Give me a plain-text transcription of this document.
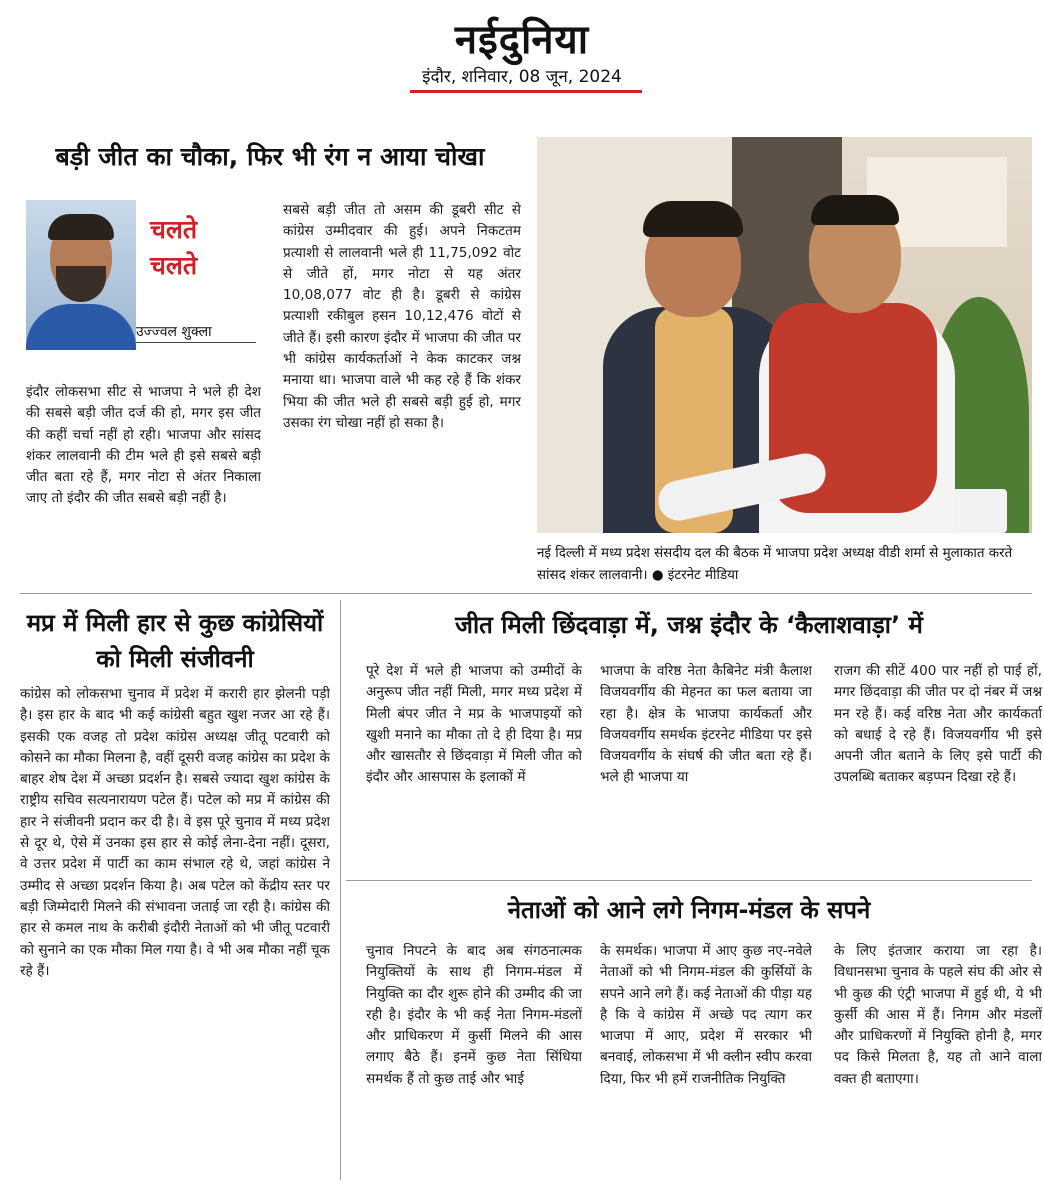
नईदुनिया
इंदौर, शनिवार, 08 जून, 2024
बड़ी जीत का चौका, फिर भी रंग न आया चोखा
चलते चलते
उज्ज्वल शुक्ला

इंदौर लोकसभा सीट से भाजपा ने भले ही देश की सबसे बड़ी जीत दर्ज की हो, मगर इस जीत की कहीं चर्चा नहीं हो रही। भाजपा और सांसद शंकर लालवानी की टीम भले ही इसे सबसे बड़ी जीत बता रहे हैं, मगर नोटा से अंतर निकाला जाए तो इंदौर की जीत सबसे बड़ी नहीं है।

सबसे बड़ी जीत तो असम की डूबरी सीट से कांग्रेस उम्मीदवार की हुई। अपने निकटतम प्रत्याशी से लालवानी भले ही 11,75,092 वोट से जीते हों, मगर नोटा से यह अंतर 10,08,077 वोट ही है। डूबरी से कांग्रेस प्रत्याशी रकीबुल हसन 10,12,476 वोटों से जीते हैं। इसी कारण इंदौर में भाजपा की जीत पर भी कांग्रेस कार्यकर्ताओं ने केक काटकर जश्न मनाया था। भाजपा वाले भी कह रहे हैं कि शंकर भिया की जीत भले ही सबसे बड़ी हुई हो, मगर उसका रंग चोखा नहीं हो सका है।

नई दिल्ली में मध्य प्रदेश संसदीय दल की बैठक में भाजपा प्रदेश अध्यक्ष वीडी शर्मा से मुलाकात करते सांसद शंकर लालवानी। ● इंटरनेट मीडिया
मप्र में मिली हार से कुछ कांग्रेसियों को मिली संजीवनी

कांग्रेस को लोकसभा चुनाव में प्रदेश में करारी हार झेलनी पड़ी है। इस हार के बाद भी कई कांग्रेसी बहुत खुश नजर आ रहे हैं। इसकी एक वजह तो प्रदेश कांग्रेस अध्यक्ष जीतू पटवारी को कोसने का मौका मिलना है, वहीं दूसरी वजह कांग्रेस का प्रदेश के बाहर शेष देश में अच्छा प्रदर्शन है। सबसे ज्यादा खुश कांग्रेस के राष्ट्रीय सचिव सत्यनारायण पटेल हैं। पटेल को मप्र में कांग्रेस की हार ने संजीवनी प्रदान कर दी है। वे इस पूरे चुनाव में मध्य प्रदेश से दूर थे, ऐसे में उनका इस हार से कोई लेना-देना नहीं। दूसरा, वे उत्तर प्रदेश में पार्टी का काम संभाल रहे थे, जहां कांग्रेस ने उम्मीद से अच्छा प्रदर्शन किया है। अब पटेल को केंद्रीय स्तर पर बड़ी जिम्मेदारी मिलने की संभावना जताई जा रही है। कांग्रेस की हार से कमल नाथ के करीबी इंदौरी नेताओं को भी जीतू पटवारी को सुनाने का एक मौका मिल गया है। वे भी अब मौका नहीं चूक रहे हैं।

जीत मिली छिंदवाड़ा में, जश्न इंदौर के ‘कैलाशवाड़ा’ में

पूरे देश में भले ही भाजपा को उम्मीदों के अनुरूप जीत नहीं मिली, मगर मध्य प्रदेश में मिली बंपर जीत ने मप्र के भाजपाइयों को खुशी मनाने का मौका तो दे ही दिया है। मप्र और खासतौर से छिंदवाड़ा में मिली जीत को इंदौर और आसपास के इलाकों में

भाजपा के वरिष्ठ नेता कैबिनेट मंत्री कैलाश विजयवर्गीय की मेहनत का फल बताया जा रहा है। क्षेत्र के भाजपा कार्यकर्ता और विजयवर्गीय समर्थक इंटरनेट मीडिया पर इसे विजयवर्गीय के संघर्ष की जीत बता रहे हैं। भले ही भाजपा या

राजग की सीटें 400 पार नहीं हो पाई हों, मगर छिंदवाड़ा की जीत पर दो नंबर में जश्न मन रहे हैं। कई वरिष्ठ नेता और कार्यकर्ता को बधाई दे रहे हैं। विजयवर्गीय भी इसे अपनी जीत बताने के लिए इसे पार्टी की उपलब्धि बताकर बड़प्पन दिखा रहे हैं।

नेताओं को आने लगे निगम-मंडल के सपने

चुनाव निपटने के बाद अब संगठनात्मक नियुक्तियों के साथ ही निगम-मंडल में नियुक्ति का दौर शुरू होने की उम्मीद की जा रही है। इंदौर के भी कई नेता निगम-मंडलों और प्राधिकरण में कुर्सी मिलने की आस लगाए बैठे हैं। इनमें कुछ नेता सिंधिया समर्थक हैं तो कुछ ताई और भाई

के समर्थक। भाजपा में आए कुछ नए-नवेले नेताओं को भी निगम-मंडल की कुर्सियों के सपने आने लगे हैं। कई नेताओं की पीड़ा यह है कि वे कांग्रेस में अच्छे पद त्याग कर भाजपा में आए, प्रदेश में सरकार भी बनवाई, लोकसभा में भी क्लीन स्वीप करवा दिया, फिर भी हमें राजनीतिक नियुक्ति

के लिए इंतजार कराया जा रहा है। विधानसभा चुनाव के पहले संघ की ओर से भी कुछ की एंट्री भाजपा में हुई थी, ये भी कुर्सी की आस में हैं। निगम और मंडलों और प्राधिकरणों में नियुक्ति होनी है, मगर पद किसे मिलता है, यह तो आने वाला वक्त ही बताएगा।
